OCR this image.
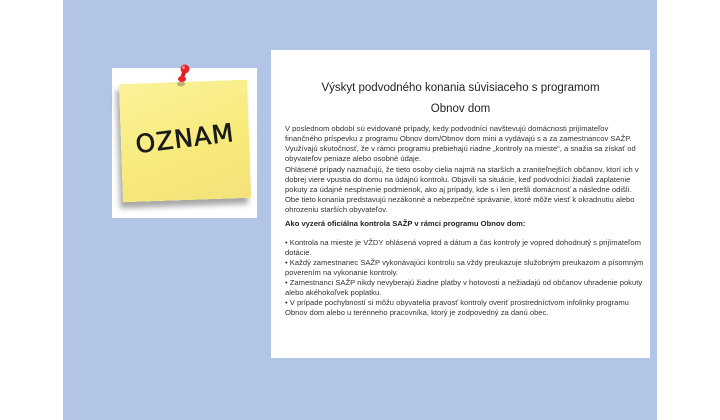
OZNAM
Výskyt podvodného konania súvisiaceho s programom
Obnov dom
V poslednom období sú evidované prípady, kedy podvodníci navštevujú domácnosti prijímateľov finančného príspevku z programu Obnov dom/Obnov dom mini a vydávajú s a za zamestnancov SAŽP. Využívajú skutočnosť, že v rámci programu prebiehajú riadne „kontroly na mieste“, a snažia sa získať od obyvateľov peniaze alebo osobné údaje.
Ohlásené prípady naznačujú, že tieto osoby cielia najmä na starších a zraniteľnejších občanov, ktorí ich v dobrej viere vpustia do domu na údajnú kontrolu. Objavili sa situácie, keď podvodníci žiadali zaplatenie pokuty za údajné nesplnenie podmienok, ako aj prípady, kde s i len prešli domácnosť a následne odišli. Obe tieto konania predstavujú nezákonné a nebezpečné správanie, ktoré môže viesť k okradnutiu alebo ohrozeniu starších obyvateľov.
Ako vyzerá oficiálna kontrola SAŽP v rámci programu Obnov dom:
• Kontrola na mieste je VŽDY ohlásená vopred a dátum a čas kontroly je vopred dohodnutý s prijímateľom dotácie.
• Každý zamestnanec SAŽP vykonávajúci kontrolu sa vždy preukazuje služobným preukazom a písomným poverením na vykonanie kontroly.
• Zamestnanci SAŽP nikdy nevyberajú žiadne platby v hotovosti a nežiadajú od občanov uhradenie pokuty alebo akéhokoľvek poplatku.
• V prípade pochybností si môžu obyvatelia pravosť kontroly overiť prostredníctvom infolinky programu Obnov dom alebo u terénneho pracovníka, ktorý je zodpovedný za danú obec.
